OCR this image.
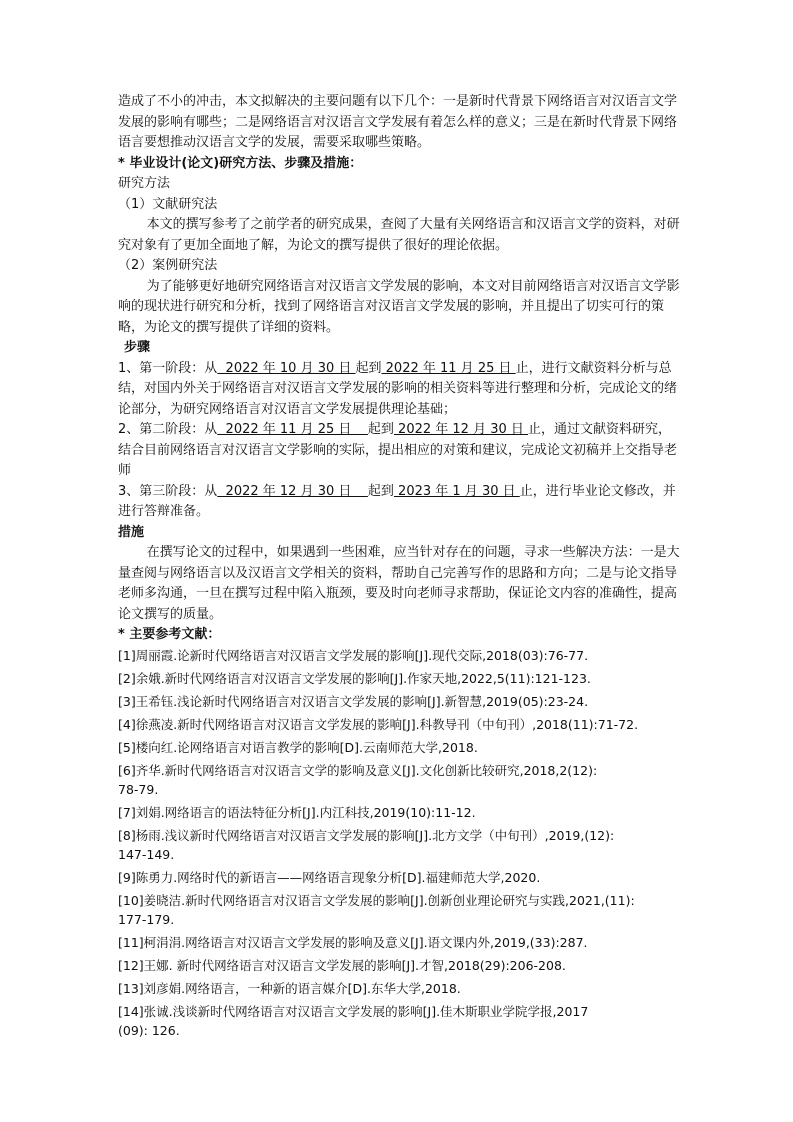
造成了不小的冲击，本文拟解决的主要问题有以下几个：一是新时代背景下网络语言对汉语言文学发展的影响有哪些；二是网络语言对汉语言文学发展有着怎么样的意义；三是在新时代背景下网络语言要想推动汉语言文学的发展，需要采取哪些策略。

* 毕业设计(论文)研究方法、步骤及措施：

研究方法

（1）文献研究法

本文的撰写参考了之前学者的研究成果，查阅了大量有关网络语言和汉语言文学的资料，对研究对象有了更加全面地了解，为论文的撰写提供了很好的理论依据。

（2）案例研究法

为了能够更好地研究网络语言对汉语言文学发展的影响，本文对目前网络语言对汉语言文学影响的现状进行研究和分析，找到了网络语言对汉语言文学发展的影响，并且提出了切实可行的策略，为论文的撰写提供了详细的资料。

步骤

1、第一阶段：从  2022 年 10 月 30 日 起到 2022 年 11 月 25 日 止，进行文献资料分析与总结，对国内外关于网络语言对汉语言文学发展的影响的相关资料等进行整理和分析，完成论文的绪论部分，为研究网络语言对汉语言文学发展提供理论基础；

2、第二阶段：从  2022 年 11 月 25 日    起到 2022 年 12 月 30 日 止，通过文献资料研究，结合目前网络语言对汉语言文学影响的实际，提出相应的对策和建议，完成论文初稿并上交指导老师

3、第三阶段：从  2022 年 12 月 30 日    起到 2023 年 1 月 30 日 止，进行毕业论文修改，并进行答辩准备。

措施

在撰写论文的过程中，如果遇到一些困难，应当针对存在的问题，寻求一些解决方法：一是大量查阅与网络语言以及汉语言文学相关的资料，帮助自己完善写作的思路和方向；二是与论文指导老师多沟通，一旦在撰写过程中陷入瓶颈，要及时向老师寻求帮助，保证论文内容的准确性，提高论文撰写的质量。

* 主要参考文献：

[1]周丽霞.论新时代网络语言对汉语言文学发展的影响[J].现代交际,2018(03):76-77.

[2]余娥.新时代网络语言对汉语言文学发展的影响[J].作家天地,2022,5(11):121-123.

[3]王希钰.浅论新时代网络语言对汉语言文学发展的影响[J].新智慧,2019(05):23-24.

[4]徐燕凌.新时代网络语言对汉语言文学发展的影响[J].科教导刊（中旬刊）,2018(11):71-72.

[5]楼向红.论网络语言对语言教学的影响[D].云南师范大学,2018.

[6]齐华.新时代网络语言对汉语言文学的影响及意义[J].文化创新比较研究,2018,2(12):

78-79.

[7]刘娟.网络语言的语法特征分析[J].内江科技,2019(10):11-12.

[8]杨雨.浅议新时代网络语言对汉语言文学发展的影响[J].北方文学（中旬刊）,2019,(12):

147-149.

[9]陈勇力.网络时代的新语言——网络语言现象分析[D].福建师范大学,2020.

[10]姜晓洁.新时代网络语言对汉语言文学发展的影响[J].创新创业理论研究与实践,2021,(11):

177-179.

[11]柯涓涓.网络语言对汉语言文学发展的影响及意义[J].语文课内外,2019,(33):287.

[12]王娜. 新时代网络语言对汉语言文学发展的影响[J].才智,2018(29):206-208.

[13]刘彦娟.网络语言，一种新的语言媒介[D].东华大学,2018.

[14]张诚.浅谈新时代网络语言对汉语言文学发展的影响[J].佳木斯职业学院学报,2017

(09): 126.
